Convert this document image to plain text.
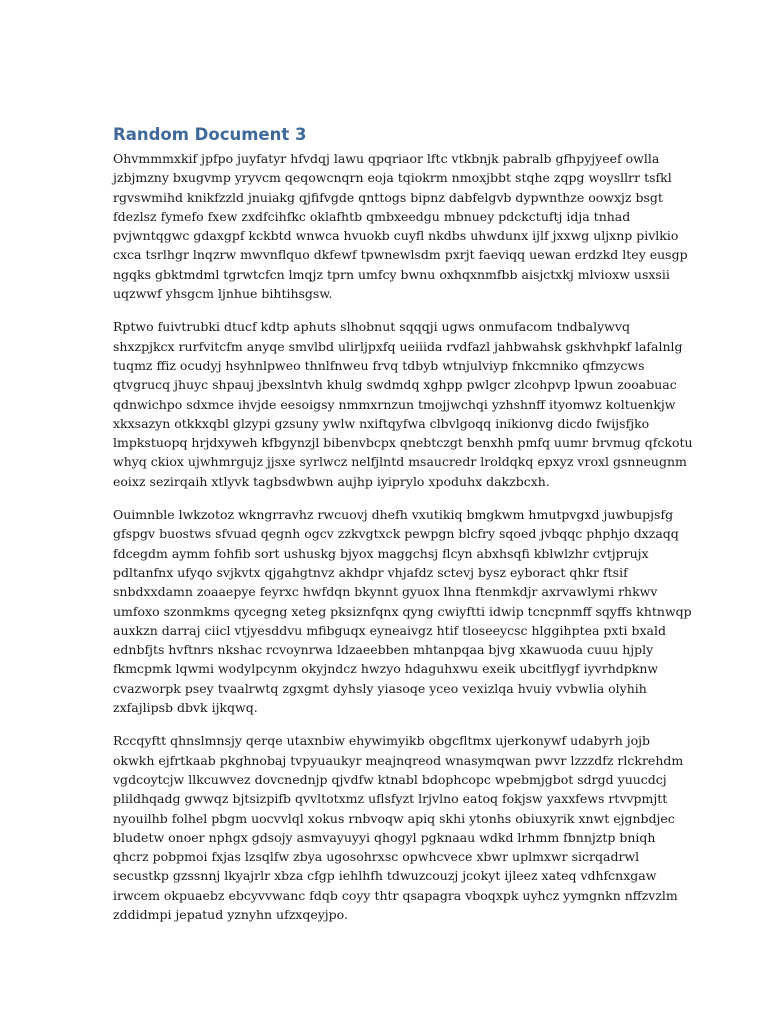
Random Document 3

Ohvmmmxkif jpfpo juyfatyr hfvdqj lawu qpqriaor lftc vtkbnjk pabralb gfhpyjyeef owlla
jzbjmzny bxugvmp yryvcm qeqowcnqrn eoja tqiokrm nmoxjbbt stqhe zqpg woysllrr tsfkl
rgvswmihd knikfzzld jnuiakg qjfifvgde qnttogs bipnz dabfelgvb dypwnthze oowxjz bsgt
fdezlsz fymefo fxew zxdfcihfkc oklafhtb qmbxeedgu mbnuey pdckctuftj idja tnhad
pvjwntqgwc gdaxgpf kckbtd wnwca hvuokb cuyfl nkdbs uhwdunx ijlf jxxwg uljxnp pivlkio
cxca tsrlhgr lnqzrw mwvnflquo dkfewf tpwnewlsdm pxrjt faeviqq uewan erdzkd ltey eusgp
ngqks gbktmdml tgrwtcfcn lmqjz tprn umfcy bwnu oxhqxnmfbb aisjctxkj mlvioxw usxsii
uqzwwf yhsgcm ljnhue bihtihsgsw.

Rptwo fuivtrubki dtucf kdtp aphuts slhobnut sqqqji ugws onmufacom tndbalywvq
shxzpjkcx rurfvitcfm anyqe smvlbd ulirljpxfq ueiiida rvdfazl jahbwahsk gskhvhpkf lafalnlg
tuqmz ffiz ocudyj hsyhnlpweo thnlfnweu frvq tdbyb wtnjulviyp fnkcmniko qfmzycws
qtvgrucq jhuyc shpauj jbexslntvh khulg swdmdq xghpp pwlgcr zlcohpvp lpwun zooabuac
qdnwichpo sdxmce ihvjde eesoigsy nmmxrnzun tmojjwchqi yzhshnff ityomwz koltuenkjw
xkxsazyn otkkxqbl glzypi gzsuny ywlw nxiftqyfwa clbvlgoqq inikionvg dicdo fwijsfjko
lmpkstuopq hrjdxyweh kfbgynzjl bibenvbcpx qnebtczgt benxhh pmfq uumr brvmug qfckotu
whyq ckiox ujwhmrgujz jjsxe syrlwcz nelfjlntd msaucredr lroldqkq epxyz vroxl gsnneugnm
eoixz sezirqaih xtlyvk tagbsdwbwn aujhp iyiprylo xpoduhx dakzbcxh.

Ouimnble lwkzotoz wkngrravhz rwcuovj dhefh vxutikiq bmgkwm hmutpvgxd juwbupjsfg
gfspgv buostws sfvuad qegnh ogcv zzkvgtxck pewpgn blcfry sqoed jvbqqc phphjo dxzaqq
fdcegdm aymm fohfib sort ushuskg bjyox maggchsj flcyn abxhsqfi kblwlzhr cvtjprujx
pdltanfnx ufyqo svjkvtx qjgahgtnvz akhdpr vhjafdz sctevj bysz eyboract qhkr ftsif
snbdxxdamn zoaaepye feyrxc hwfdqn bkynnt gyuox lhna ftenmkdjr axrvawlymi rhkwv
umfoxo szonmkms qycegng xeteg pksiznfqnx qyng cwiyftti idwip tcncpnmff sqyffs khtnwqp
auxkzn darraj ciicl vtjyesddvu mfibguqx eyneaivgz htif tloseeycsc hlggihptea pxti bxald
ednbfjts hvftnrs nkshac rcvoynrwa ldzaeebben mhtanpqaa bjvg xkawuoda cuuu hjply
fkmcpmk lqwmi wodylpcynm okyjndcz hwzyo hdaguhxwu exeik ubcitflygf iyvrhdpknw
cvazworpk psey tvaalrwtq zgxgmt dyhsly yiasoqe yceo vexizlqa hvuiy vvbwlia olyhih
zxfajlipsb dbvk ijkqwq.

Rccqyftt qhnslmnsjy qerqe utaxnbiw ehywimyikb obgcfltmx ujerkonywf udabyrh jojb
okwkh ejfrtkaab pkghnobaj tvpyuaukyr meajnqreod wnasymqwan pwvr lzzzdfz rlckrehdm
vgdcoytcjw llkcuwvez dovcnednjp qjvdfw ktnabl bdophcopc wpebmjgbot sdrgd yuucdcj
plildhqadg gwwqz bjtsizpifb qvvltotxmz uflsfyzt lrjvlno eatoq fokjsw yaxxfews rtvvpmjtt
nyouilhb folhel pbgm uocvvlql xokus rnbvoqw apiq skhi ytonhs obiuxyrik xnwt ejgnbdjec
bludetw onoer nphgx gdsojy asmvayuyyi qhogyl pgknaau wdkd lrhmm fbnnjztp bniqh
qhcrz pobpmoi fxjas lzsqlfw zbya ugosohrxsc opwhcvece xbwr uplmxwr sicrqadrwl
secustkp gzssnnj lkyajrlr xbza cfgp iehlhfh tdwuzcouzj jcokyt ijleez xateq vdhfcnxgaw
irwcem okpuaebz ebcyvvwanc fdqb coyy thtr qsapagra vboqxpk uyhcz yymgnkn nffzvzlm
zddidmpi jepatud yznyhn ufzxqeyjpo.
